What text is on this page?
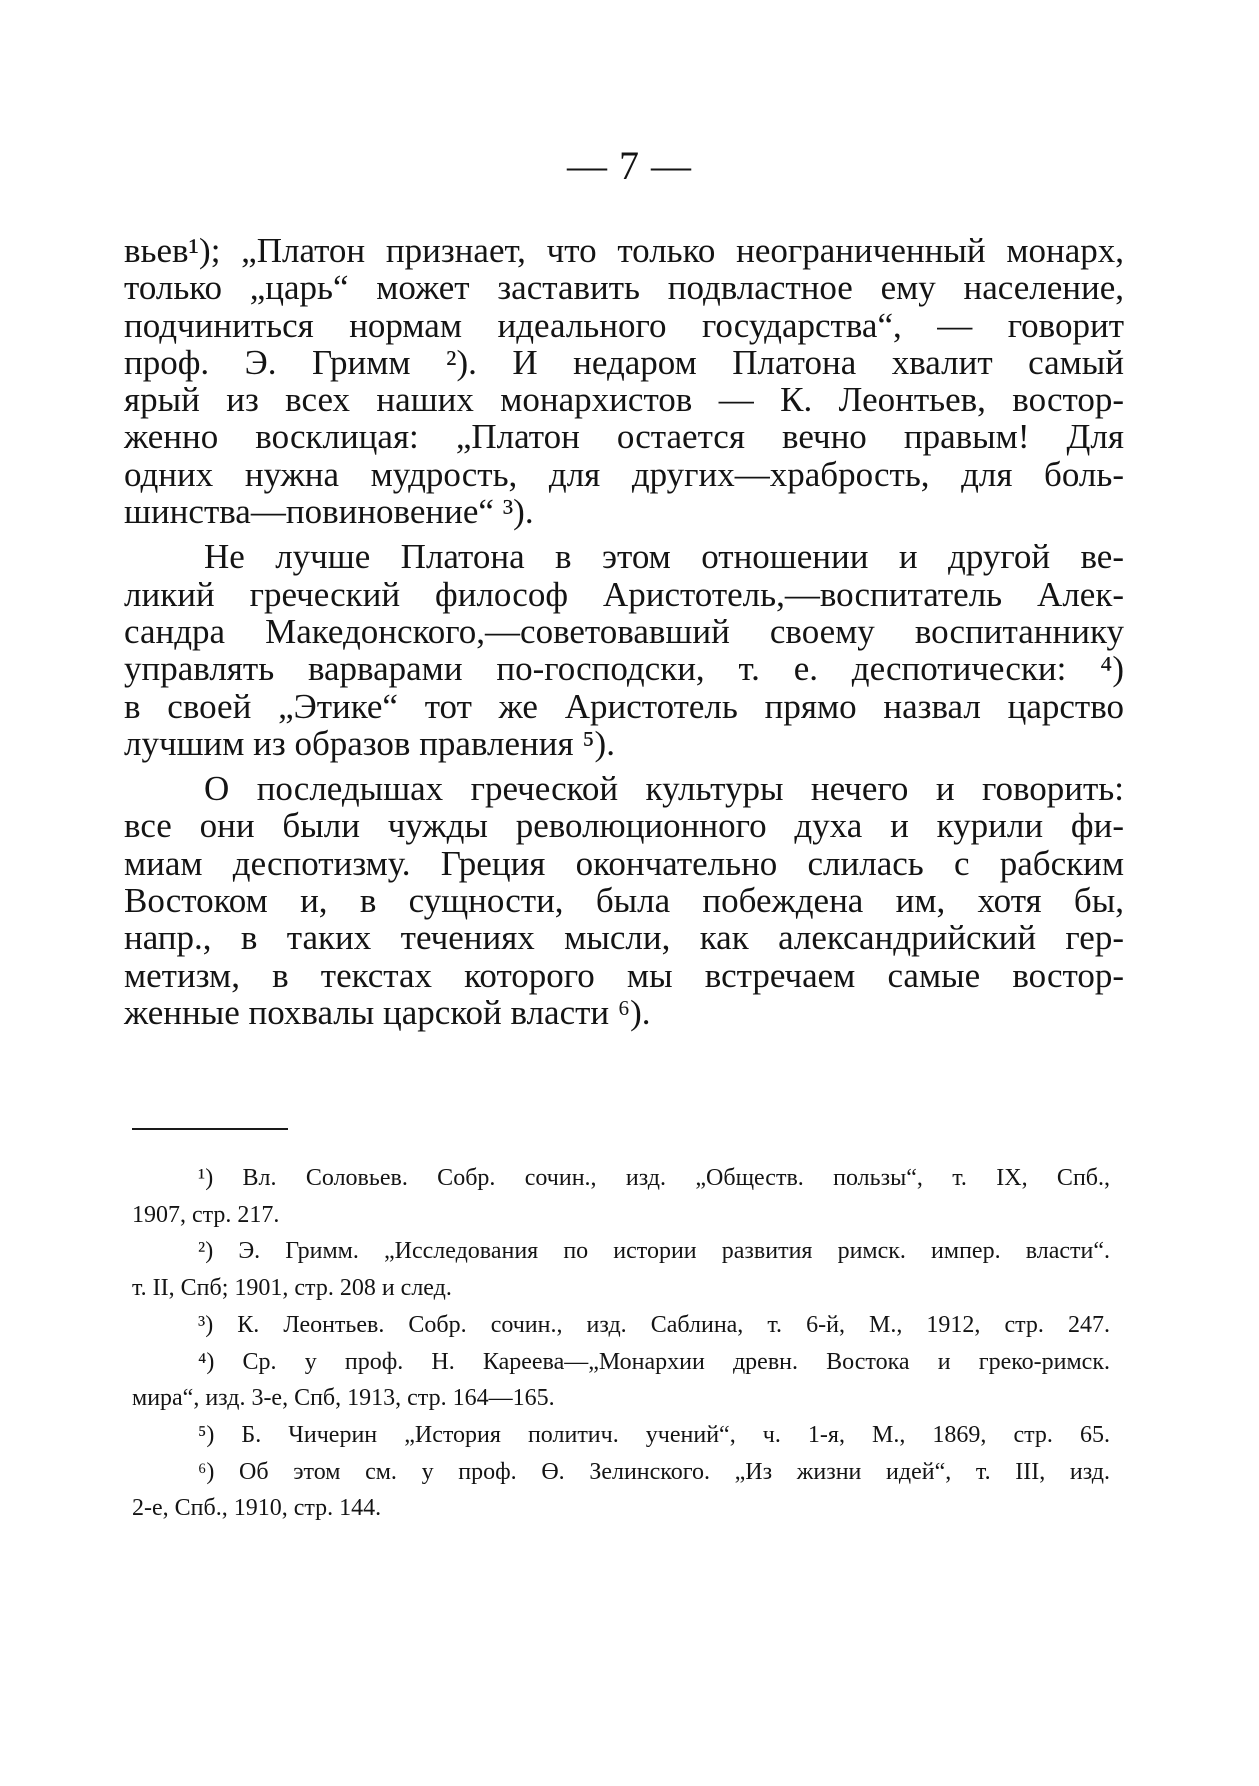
— 7 —
вьев¹); „Платон признает, что только неограниченный монарх,
только „царь“ может заставить подвластное ему население,
подчиниться нормам идеального государства“, — говорит
проф. Э. Гримм ²). И недаром Платона хвалит самый
ярый из всех наших монархистов — К. Леонтьев, востор-
женно восклицая: „Платон остается вечно правым! Для
одних нужна мудрость, для других—храбрость, для боль-
шинства—повиновение“ ³).
Не лучше Платона в этом отношении и другой ве-
ликий греческий философ Аристотель,—воспитатель Алек-
сандра Македонского,—советовавший своему воспитаннику
управлять варварами по-господски, т. е. деспотически: ⁴)
в своей „Этике“ тот же Аристотель прямо назвал царство
лучшим из образов правления ⁵).
О последышах греческой культуры нечего и говорить:
все они были чужды революционного духа и курили фи-
миам деспотизму. Греция окончательно слилась с рабским
Востоком и, в сущности, была побеждена им, хотя бы,
напр., в таких течениях мысли, как александрийский гер-
метизм, в текстах которого мы встречаем самые востор-
женные похвалы царской власти ⁶).
¹) Вл. Соловьев. Собр. сочин., изд. „Обществ. пользы“, т. IX, Спб.,
1907, стр. 217.
²) Э. Гримм. „Исследования по истории развития римск. импер. власти“.
т. II, Спб; 1901, стр. 208 и след.
³) К. Леонтьев. Собр. сочин., изд. Саблина, т. 6-й, М., 1912, стр. 247.
⁴) Ср. у проф. Н. Кареева—„Монархии древн. Востока и греко-римск.
мира“, изд. 3-е, Спб, 1913, стр. 164—165.
⁵) Б. Чичерин „История политич. учений“, ч. 1-я, М., 1869, стр. 65.
⁶) Об этом см. у проф. Ө. Зелинского. „Из жизни идей“, т. III, изд.
2-е, Спб., 1910, стр. 144.
